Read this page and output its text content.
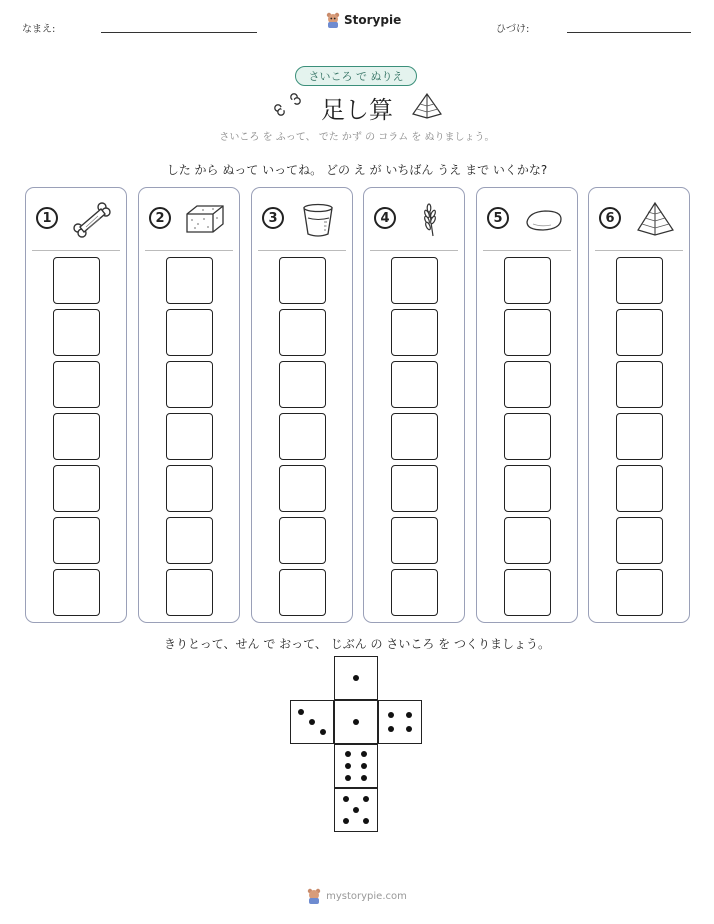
なまえ:
Storypie
ひづけ:
さいころ で ぬりえ
足し算
さいころ を ふって、 でた かず の コラム を ぬりましょう。
した から ぬって いってね。 どの え が いちばん うえ まで いくかな?
1	2	3	4	5	6
きりとって、せん で おって、 じぶん の さいころ を つくりましょう。
mystorypie.com
